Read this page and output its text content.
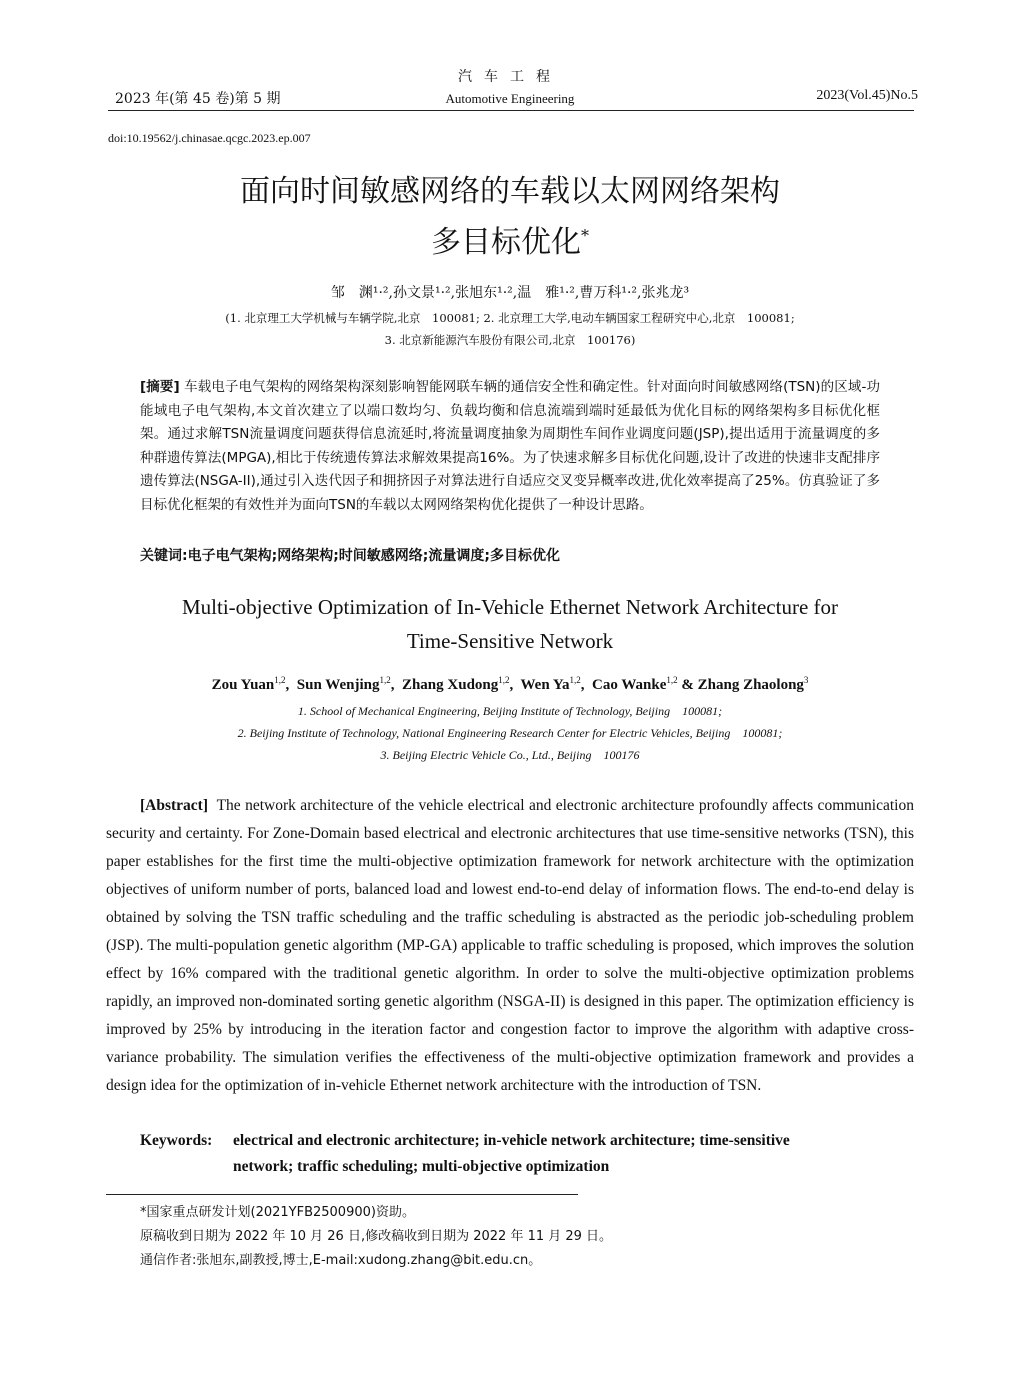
汽车工程
2023 年(第 45 卷)第 5 期	Automotive Engineering	2023(Vol.45)No.5
doi:10.19562/j.chinasae.qcgc.2023.ep.007
面向时间敏感网络的车载以太网网络架构
多目标优化*
邹　渊¹·²,孙文景¹·²,张旭东¹·²,温　雅¹·²,曹万科¹·²,张兆龙³
(1. 北京理工大学机械与车辆学院,北京　100081; 2. 北京理工大学,电动车辆国家工程研究中心,北京　100081;
3. 北京新能源汽车股份有限公司,北京　100176)
[摘要] 车载电子电气架构的网络架构深刻影响智能网联车辆的通信安全性和确定性。针对面向时间敏感网络(TSN)的区域-功能域电子电气架构,本文首次建立了以端口数均匀、负载均衡和信息流端到端时延最低为优化目标的网络架构多目标优化框架。通过求解TSN流量调度问题获得信息流延时,将流量调度抽象为周期性车间作业调度问题(JSP),提出适用于流量调度的多种群遗传算法(MPGA),相比于传统遗传算法求解效果提高16%。为了快速求解多目标优化问题,设计了改进的快速非支配排序遗传算法(NSGA-II),通过引入迭代因子和拥挤因子对算法进行自适应交叉变异概率改进,优化效率提高了25%。仿真验证了多目标优化框架的有效性并为面向TSN的车载以太网网络架构优化提供了一种设计思路。
关键词:电子电气架构;网络架构;时间敏感网络;流量调度;多目标优化
Multi-objective Optimization of In-Vehicle Ethernet Network Architecture for
Time-Sensitive Network
Zou Yuan$^{1,2}$,  Sun Wenjing$^{1,2}$,  Zhang Xudong$^{1,2}$,  Wen Ya$^{1,2}$,  Cao Wanke$^{1,2}$ & Zhang Zhaolong$^3$
1. School of Mechanical Engineering, Beijing Institute of Technology, Beijing　100081;
2. Beijing Institute of Technology, National Engineering Research Center for Electric Vehicles, Beijing　100081;
3. Beijing Electric Vehicle Co., Ltd., Beijing　100176
[Abstract] The network architecture of the vehicle electrical and electronic architecture profoundly affects communication security and certainty. For Zone-Domain based electrical and electronic architectures that use time-sensitive networks (TSN), this paper establishes for the first time the multi-objective optimization framework for network architecture with the optimization objectives of uniform number of ports, balanced load and lowest end-to-end delay of information flows. The end-to-end delay is obtained by solving the TSN traffic scheduling and the traffic scheduling is abstracted as the periodic job-scheduling problem (JSP). The multi-population genetic algorithm (MP-GA) applicable to traffic scheduling is proposed, which improves the solution effect by 16% compared with the traditional genetic algorithm. In order to solve the multi-objective optimization problems rapidly, an improved non-dominated sorting genetic algorithm (NSGA-II) is designed in this paper. The optimization efficiency is improved by 25% by introducing in the iteration factor and congestion factor to improve the algorithm with adaptive cross-variance probability. The simulation verifies the effectiveness of the multi-objective optimization framework and provides a design idea for the optimization of in-vehicle Ethernet network architecture with the introduction of TSN.
Keywords: electrical and electronic architecture; in-vehicle network architecture; time-sensitive
network; traffic scheduling; multi-objective optimization
*国家重点研发计划(2021YFB2500900)资助。
原稿收到日期为 2022 年 10 月 26 日,修改稿收到日期为 2022 年 11 月 29 日。
通信作者:张旭东,副教授,博士,E-mail:xudong.zhang@bit.edu.cn。
